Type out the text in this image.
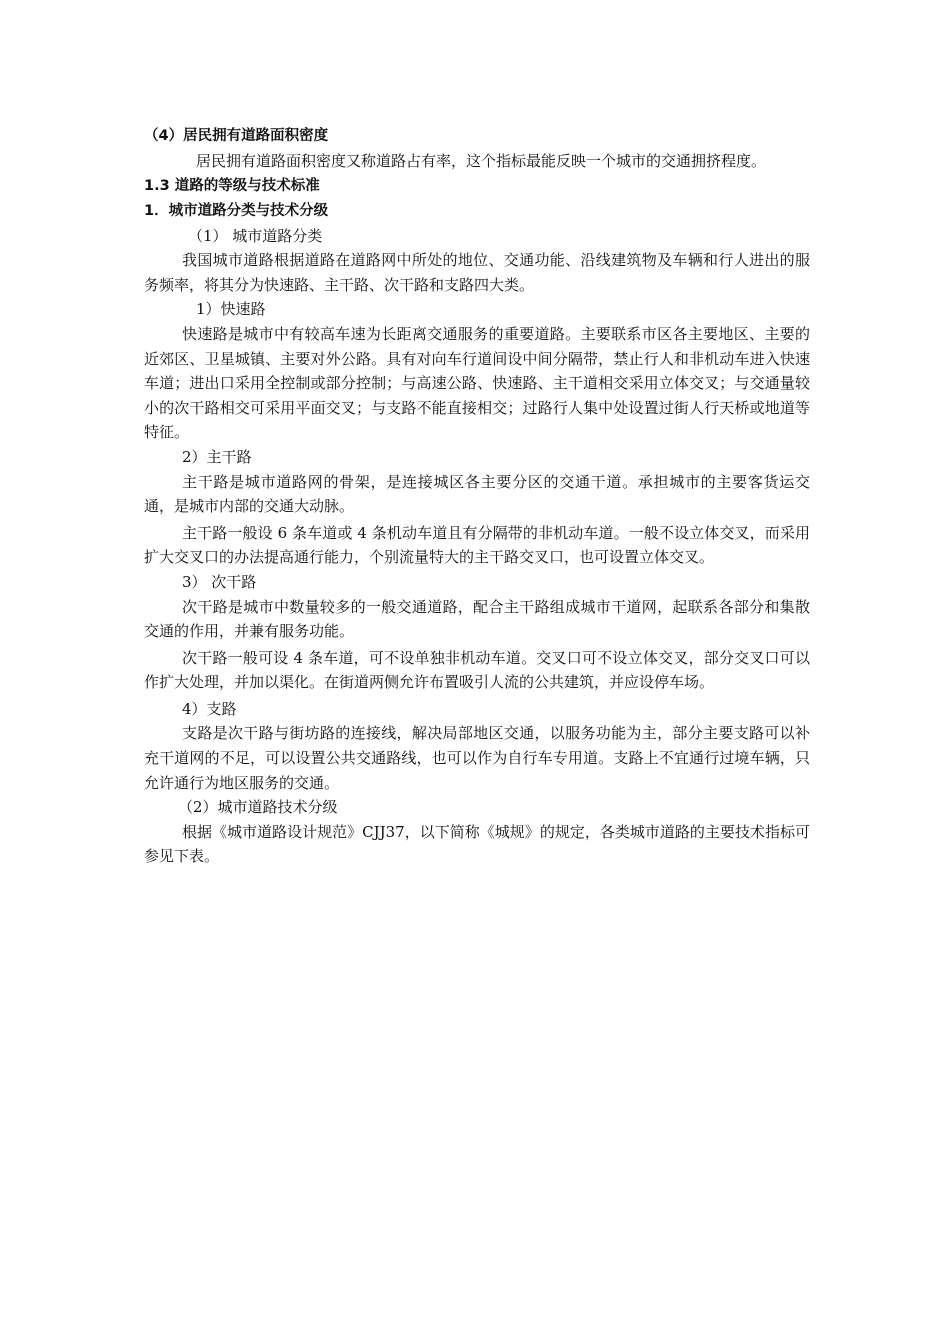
（4）居民拥有道路面积密度

居民拥有道路面积密度又称道路占有率，这个指标最能反映一个城市的交通拥挤程度。

1.3 道路的等级与技术标准

1．城市道路分类与技术分级

（1） 城市道路分类

我国城市道路根据道路在道路网中所处的地位、交通功能、沿线建筑物及车辆和行人进出的服务频率，将其分为快速路、主干路、次干路和支路四大类。

1）快速路

快速路是城市中有较高车速为长距离交通服务的重要道路。主要联系市区各主要地区、主要的近郊区、卫星城镇、主要对外公路。具有对向车行道间设中间分隔带，禁止行人和非机动车进入快速车道；进出口采用全控制或部分控制；与高速公路、快速路、主干道相交采用立体交叉；与交通量较小的次干路相交可采用平面交叉；与支路不能直接相交；过路行人集中处设置过街人行天桥或地道等特征。

2）主干路

主干路是城市道路网的骨架，是连接城区各主要分区的交通干道。承担城市的主要客货运交通，是城市内部的交通大动脉。

主干路一般设 6 条车道或 4 条机动车道且有分隔带的非机动车道。一般不设立体交叉，而采用扩大交叉口的办法提高通行能力，个别流量特大的主干路交叉口，也可设置立体交叉。

3） 次干路

次干路是城市中数量较多的一般交通道路，配合主干路组成城市干道网，起联系各部分和集散交通的作用，并兼有服务功能。

次干路一般可设 4 条车道，可不设单独非机动车道。交叉口可不设立体交叉，部分交叉口可以作扩大处理，并加以渠化。在街道两侧允许布置吸引人流的公共建筑，并应设停车场。

4）支路

支路是次干路与街坊路的连接线，解决局部地区交通，以服务功能为主，部分主要支路可以补充干道网的不足，可以设置公共交通路线，也可以作为自行车专用道。支路上不宜通行过境车辆，只允许通行为地区服务的交通。

（2）城市道路技术分级

根据《城市道路设计规范》CJJ37，以下简称《城规》的规定，各类城市道路的主要技术指标可参见下表。
